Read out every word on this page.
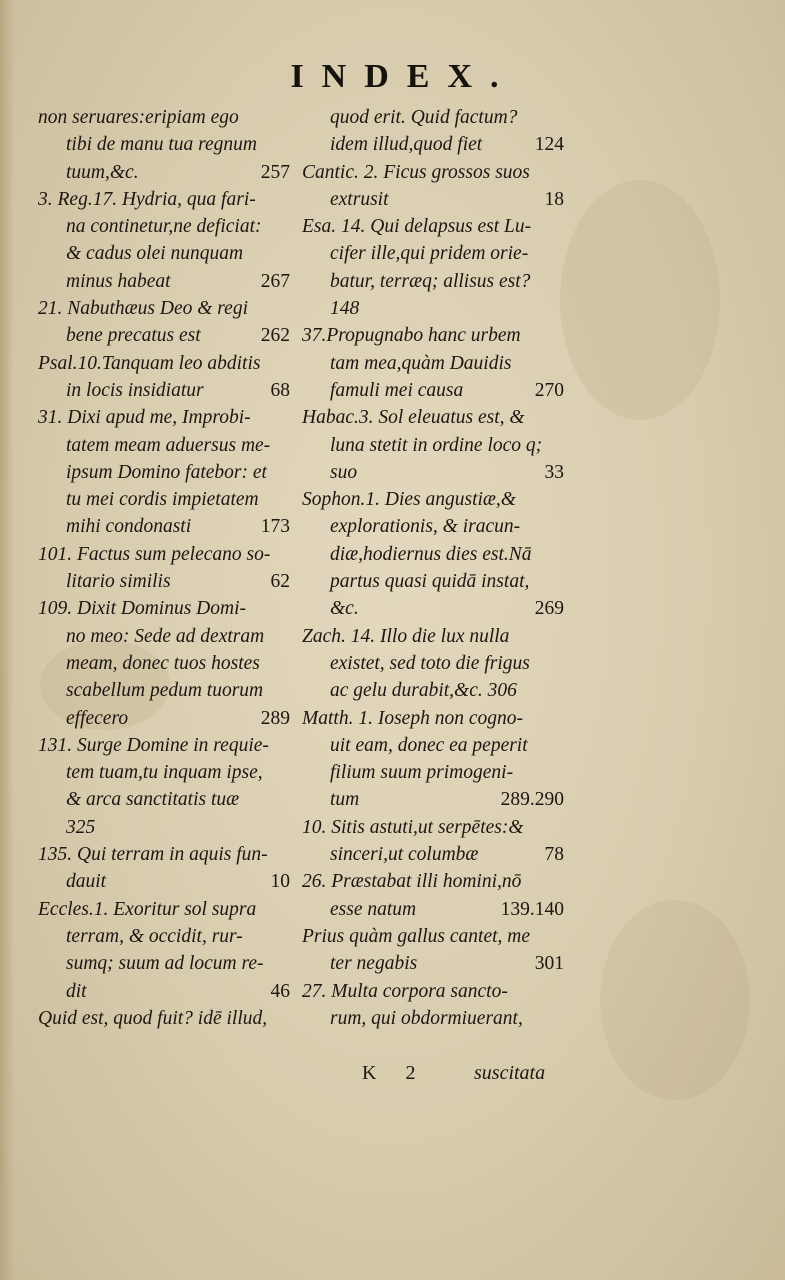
INDEX.
non seruares:eripiam ego
tibi de manu tua regnum
tuum,&c.	257
3. Reg.17. Hydria, qua fari-
na continetur,ne deficiat:
& cadus olei nunquam
minus habeat	267
21. Nabuthæus Deo & regi
bene precatus est	262
Psal.10.Tanquam leo abditis
in locis insidiatur	68
31. Dixi apud me, Improbi-
tatem meam aduersus me-
ipsum Domino fatebor: et
tu mei cordis impietatem
mihi condonasti	173
101. Factus sum pelecano so-
litario similis	62
109. Dixit Dominus Domi-
no meo: Sede ad dextram
meam, donec tuos hostes
scabellum pedum tuorum
effecero	289
131. Surge Domine in requie-
tem tuam,tu inquam ipse,
& arca sanctitatis tuæ
325
135. Qui terram in aquis fun-
dauit	10
Eccles.1. Exoritur sol supra
terram, & occidit, rur-
sumq; suum ad locum re-
dit	46
Quid est, quod fuit? idē illud,
quod erit. Quid factum?
idem illud,quod fiet	124
Cantic. 2. Ficus grossos suos
extrusit	18
Esa. 14. Qui delapsus est Lu-
cifer ille,qui pridem orie-
batur, terræq; allisus est?
148
37.Propugnabo hanc urbem
tam mea,quàm Dauidis
famuli mei causa	270
Habac.3. Sol eleuatus est, &
luna stetit in ordine loco q;
suo	33
Sophon.1. Dies angustiæ,&
explorationis, & iracun-
diæ,hodiernus dies est.Nā
partus quasi quidā instat,
&c.	269
Zach. 14. Illo die lux nulla
existet, sed toto die frigus
ac gelu durabit,&c. 306
Matth. 1. Ioseph non cogno-
uit eam, donec ea peperit
filium suum primogeni-
tum	289.290
10. Sitis astuti,ut serpētes:&
sinceri,ut columbæ	78
26. Præstabat illi homini,nō
esse natum	139.140
Prius quàm gallus cantet, me
ter negabis	301
27. Multa corpora sancto-
rum, qui obdormiuerant,
K 2 suscitata
